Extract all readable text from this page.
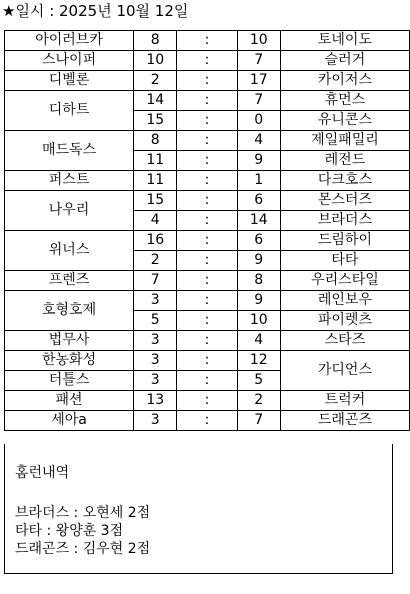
★일시 : 2025년 10월 12일
아이러브카	8	:	10	토네이도
스나이퍼	10	:	7	슬러거
디벨론	2	:	17	카이저스
디하트	14	:	7	휴먼스
	15	:	0	유니콘스
매드독스	8	:	4	제일패밀리
	11	:	9	레전드
퍼스트	11	:	1	다크호스
나우리	15	:	6	몬스터즈
	4	:	14	브라더스
위너스	16	:	6	드림하이
	2	:	9	타타
프렌즈	7	:	8	우리스타일
호형호제	3	:	9	레인보우
	5	:	10	파이렛츠
법무사	3	:	4	스타즈
한농화성	3	:	12	가디언스
터틀스	3	:	5	
패션	13	:	2	트럭커
세아a	3	:	7	드래곤즈
홈런내역
브라더스 : 오현세 2점
타타 : 왕양훈 3점
드래곤즈 : 김우현 2점
